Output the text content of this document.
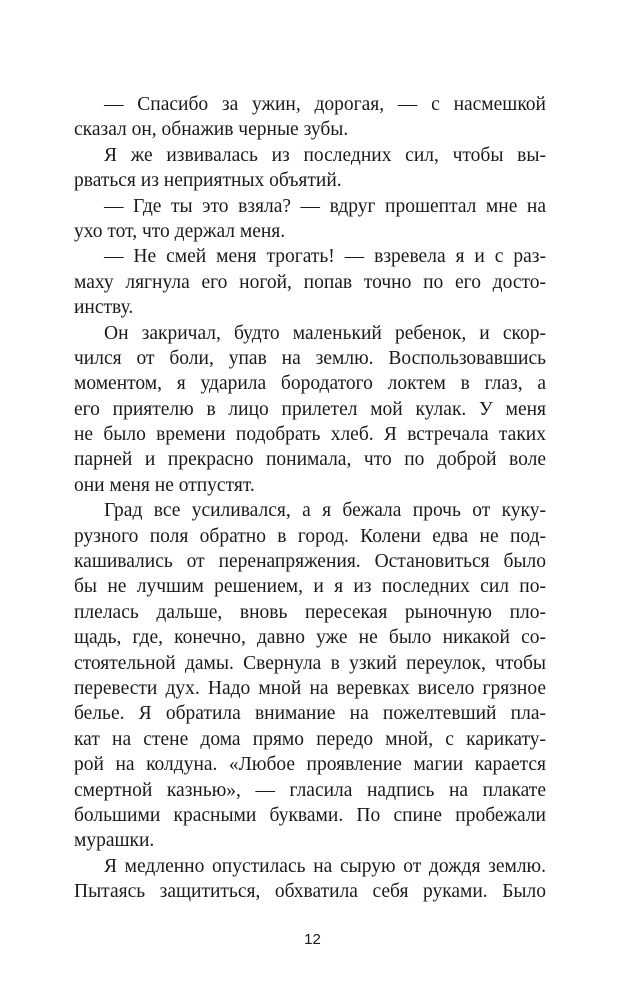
— Спасибо за ужин, дорогая, — с насмешкой
сказал он, обнажив черные зубы.
Я же извивалась из последних сил, чтобы вы-
рваться из неприятных объятий.
— Где ты это взяла? — вдруг прошептал мне на
ухо тот, что держал меня.
— Не смей меня трогать! — взревела я и с раз-
маху лягнула его ногой, попав точно по его досто-
инству.
Он закричал, будто маленький ребенок, и скор-
чился от боли, упав на землю. Воспользовавшись
моментом, я ударила бородатого локтем в глаз, а
его приятелю в лицо прилетел мой кулак. У меня
не было времени подобрать хлеб. Я встречала таких
парней и прекрасно понимала, что по доброй воле
они меня не отпустят.
Град все усиливался, а я бежала прочь от куку-
рузного поля обратно в город. Колени едва не под-
кашивались от перенапряжения. Остановиться было
бы не лучшим решением, и я из последних сил по-
плелась дальше, вновь пересекая рыночную пло-
щадь, где, конечно, давно уже не было никакой со-
стоятельной дамы. Свернула в узкий переулок, чтобы
перевести дух. Надо мной на веревках висело грязное
белье. Я обратила внимание на пожелтевший пла-
кат на стене дома прямо передо мной, с карикату-
рой на колдуна. «Любое проявление магии карается
смертной казнью», — гласила надпись на плакате
большими красными буквами. По спине пробежали
мурашки.
Я медленно опустилась на сырую от дождя землю.
Пытаясь защититься, обхватила себя руками. Было
12
